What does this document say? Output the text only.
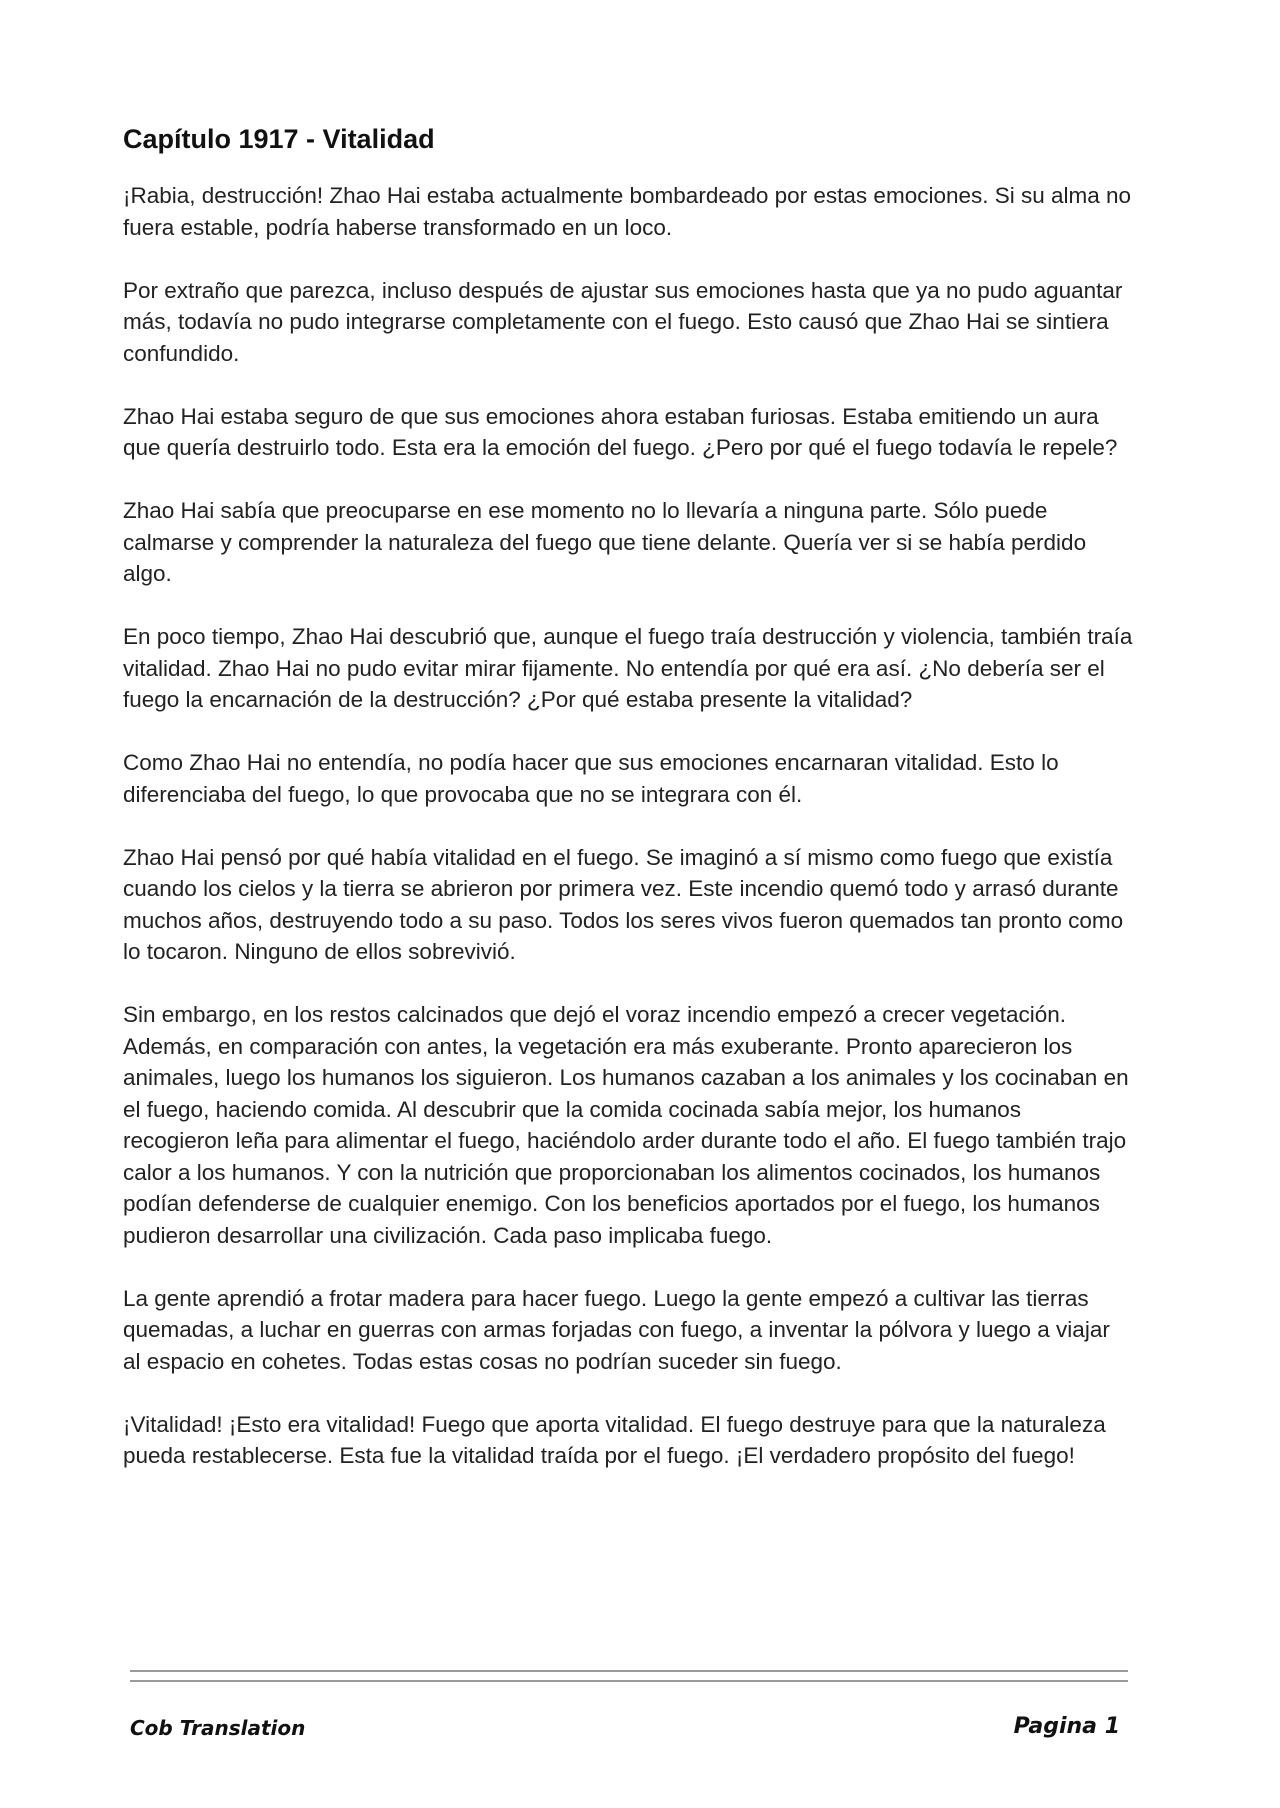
Capítulo 1917 - Vitalidad

¡Rabia, destrucción! Zhao Hai estaba actualmente bombardeado por estas emociones. Si su alma no fuera estable, podría haberse transformado en un loco.

Por extraño que parezca, incluso después de ajustar sus emociones hasta que ya no pudo aguantar más, todavía no pudo integrarse completamente con el fuego. Esto causó que Zhao Hai se sintiera confundido.

Zhao Hai estaba seguro de que sus emociones ahora estaban furiosas. Estaba emitiendo un aura que quería destruirlo todo. Esta era la emoción del fuego. ¿Pero por qué el fuego todavía le repele?

Zhao Hai sabía que preocuparse en ese momento no lo llevaría a ninguna parte. Sólo puede calmarse y comprender la naturaleza del fuego que tiene delante. Quería ver si se había perdido algo.

En poco tiempo, Zhao Hai descubrió que, aunque el fuego traía destrucción y violencia, también traía vitalidad. Zhao Hai no pudo evitar mirar fijamente. No entendía por qué era así. ¿No debería ser el fuego la encarnación de la destrucción? ¿Por qué estaba presente la vitalidad?

Como Zhao Hai no entendía, no podía hacer que sus emociones encarnaran vitalidad. Esto lo diferenciaba del fuego, lo que provocaba que no se integrara con él.

Zhao Hai pensó por qué había vitalidad en el fuego. Se imaginó a sí mismo como fuego que existía cuando los cielos y la tierra se abrieron por primera vez. Este incendio quemó todo y arrasó durante muchos años, destruyendo todo a su paso. Todos los seres vivos fueron quemados tan pronto como lo tocaron. Ninguno de ellos sobrevivió.

Sin embargo, en los restos calcinados que dejó el voraz incendio empezó a crecer vegetación. Además, en comparación con antes, la vegetación era más exuberante. Pronto aparecieron los animales, luego los humanos los siguieron. Los humanos cazaban a los animales y los cocinaban en el fuego, haciendo comida. Al descubrir que la comida cocinada sabía mejor, los humanos recogieron leña para alimentar el fuego, haciéndolo arder durante todo el año. El fuego también trajo calor a los humanos. Y con la nutrición que proporcionaban los alimentos cocinados, los humanos podían defenderse de cualquier enemigo. Con los beneficios aportados por el fuego, los humanos pudieron desarrollar una civilización. Cada paso implicaba fuego.

La gente aprendió a frotar madera para hacer fuego. Luego la gente empezó a cultivar las tierras quemadas, a luchar en guerras con armas forjadas con fuego, a inventar la pólvora y luego a viajar al espacio en cohetes. Todas estas cosas no podrían suceder sin fuego.

¡Vitalidad! ¡Esto era vitalidad! Fuego que aporta vitalidad. El fuego destruye para que la naturaleza pueda restablecerse. Esta fue la vitalidad traída por el fuego. ¡El verdadero propósito del fuego!

Cob Translation	Pagina 1
